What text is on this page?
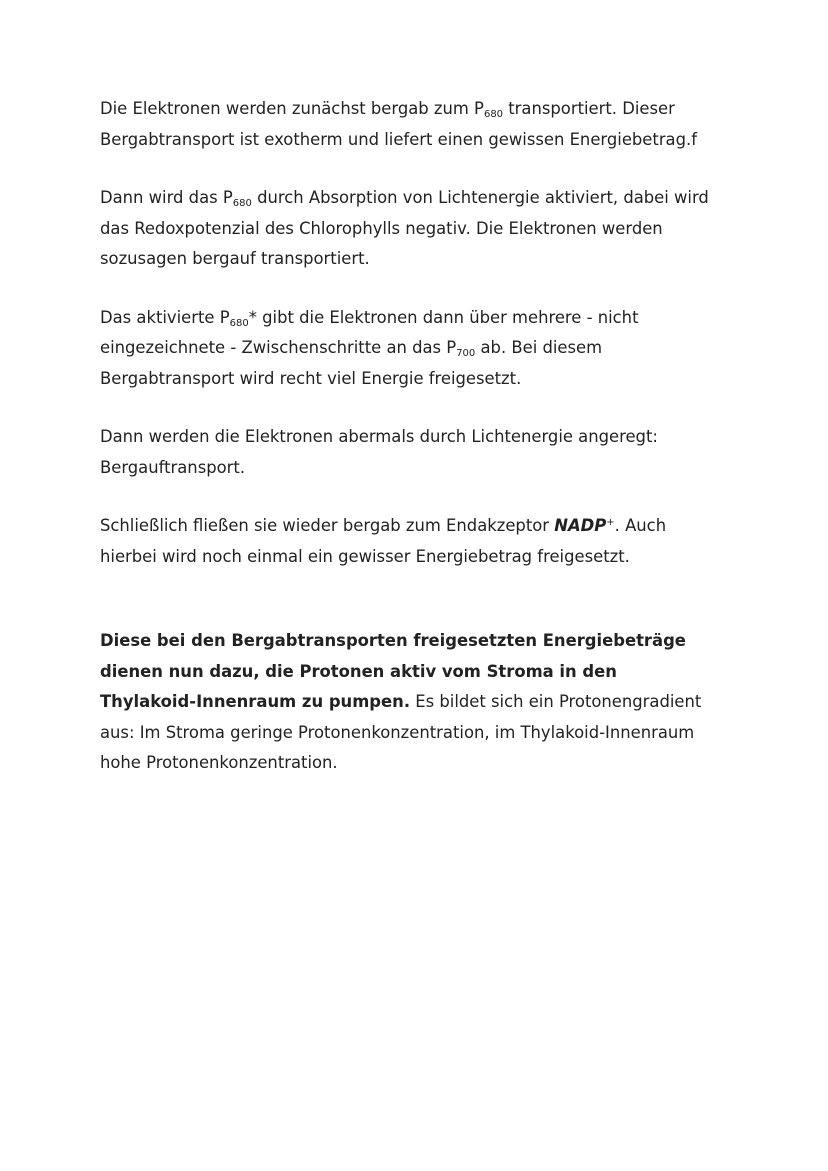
Die Elektronen werden zunächst bergab zum $P_{680}$ transportiert. Dieser
Bergabtransport ist exotherm und liefert einen gewissen Energiebetrag.f

Dann wird das $P_{680}$ durch Absorption von Lichtenergie aktiviert, dabei wird
das Redoxpotenzial des Chlorophylls negativ. Die Elektronen werden
sozusagen bergauf transportiert.

Das aktivierte $P_{680}*$ gibt die Elektronen dann über mehrere - nicht
eingezeichnete - Zwischenschritte an das $P_{700}$ ab. Bei diesem
Bergabtransport wird recht viel Energie freigesetzt.

Dann werden die Elektronen abermals durch Lichtenergie angeregt:
Bergauftransport.

Schließlich fließen sie wieder bergab zum Endakzeptor NADP+. Auch
hierbei wird noch einmal ein gewisser Energiebetrag freigesetzt.

Diese bei den Bergabtransporten freigesetzten Energiebeträge
dienen nun dazu, die Protonen aktiv vom Stroma in den
Thylakoid-Innenraum zu pumpen. Es bildet sich ein Protonengradient
aus: Im Stroma geringe Protonenkonzentration, im Thylakoid-Innenraum
hohe Protonenkonzentration.
